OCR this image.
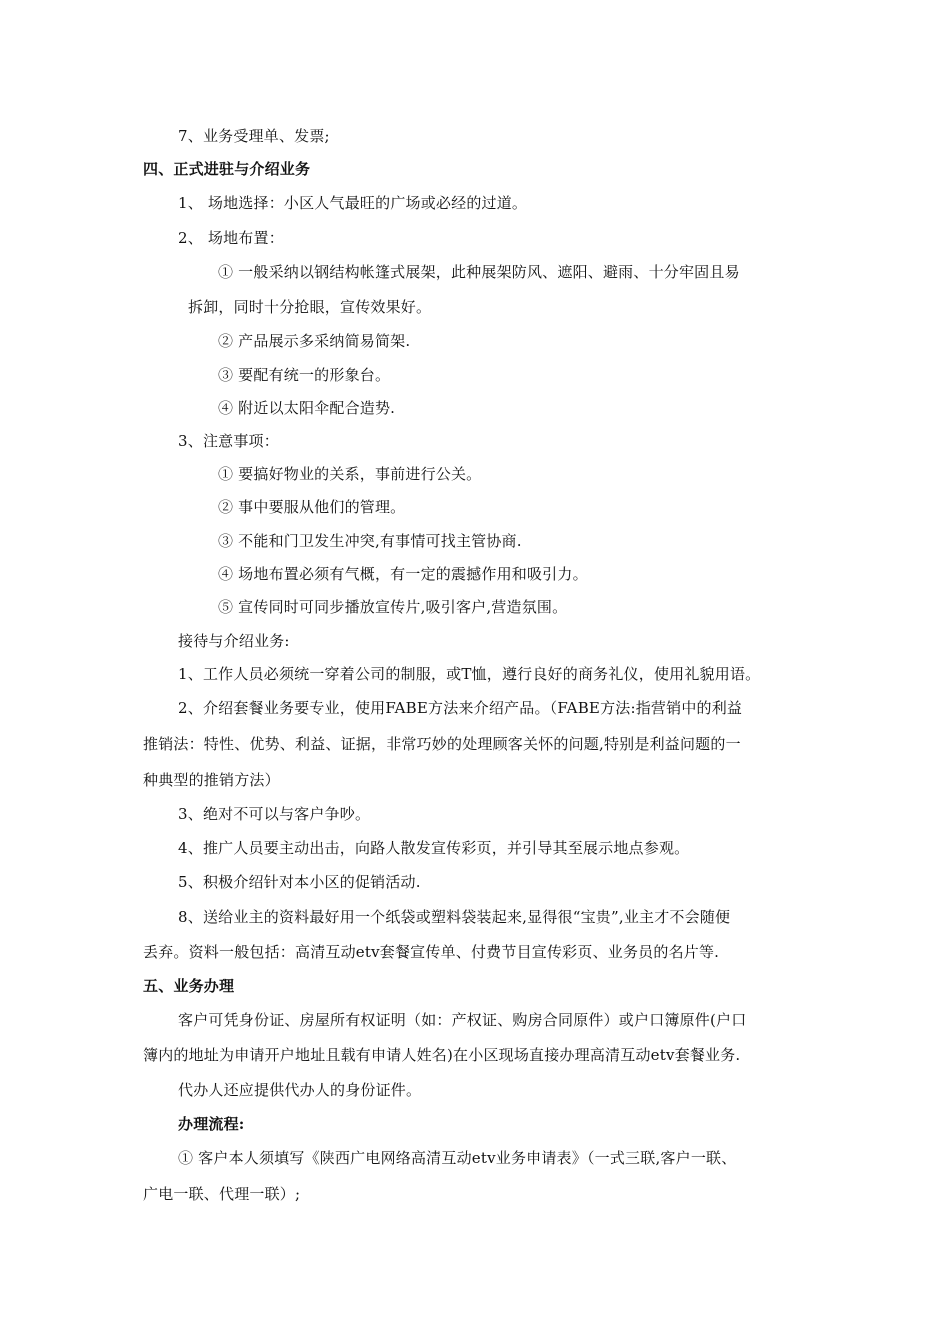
7、业务受理单、发票;
四、正式进驻与介绍业务
1、 场地选择：小区人气最旺的广场或必经的过道。
2、 场地布置：
① 一般采纳以钢结构帐篷式展架，此种展架防风、遮阳、避雨、十分牢固且易
拆卸，同时十分抢眼，宣传效果好。
② 产品展示多采纳简易简架.
③ 要配有统一的形象台。
④ 附近以太阳伞配合造势.
3、注意事项：
① 要搞好物业的关系，事前进行公关。
② 事中要服从他们的管理。
③ 不能和门卫发生冲突,有事情可找主管协商.
④ 场地布置必须有气概，有一定的震撼作用和吸引力。
⑤ 宣传同时可同步播放宣传片,吸引客户,营造氛围。
接待与介绍业务:
1、工作人员必须统一穿着公司的制服，或T恤，遵行良好的商务礼仪，使用礼貌用语。
2、介绍套餐业务要专业，使用FABE方法来介绍产品。（FABE方法:指营销中的利益
推销法：特性、优势、利益、证据，非常巧妙的处理顾客关怀的问题,特别是利益问题的一
种典型的推销方法）
3、绝对不可以与客户争吵。
4、推广人员要主动出击，向路人散发宣传彩页，并引导其至展示地点参观。
5、积极介绍针对本小区的促销活动.
8、送给业主的资料最好用一个纸袋或塑料袋装起来,显得很“宝贵”,业主才不会随便
丢弃。资料一般包括：高清互动etv套餐宣传单、付费节目宣传彩页、业务员的名片等.
五、业务办理
客户可凭身份证、房屋所有权证明（如：产权证、购房合同原件）或户口簿原件(户口
簿内的地址为申请开户地址且载有申请人姓名)在小区现场直接办理高清互动etv套餐业务.
代办人还应提供代办人的身份证件。
办理流程:
① 客户本人须填写《陕西广电网络高清互动etv业务申请表》（一式三联,客户一联、
广电一联、代理一联）;
